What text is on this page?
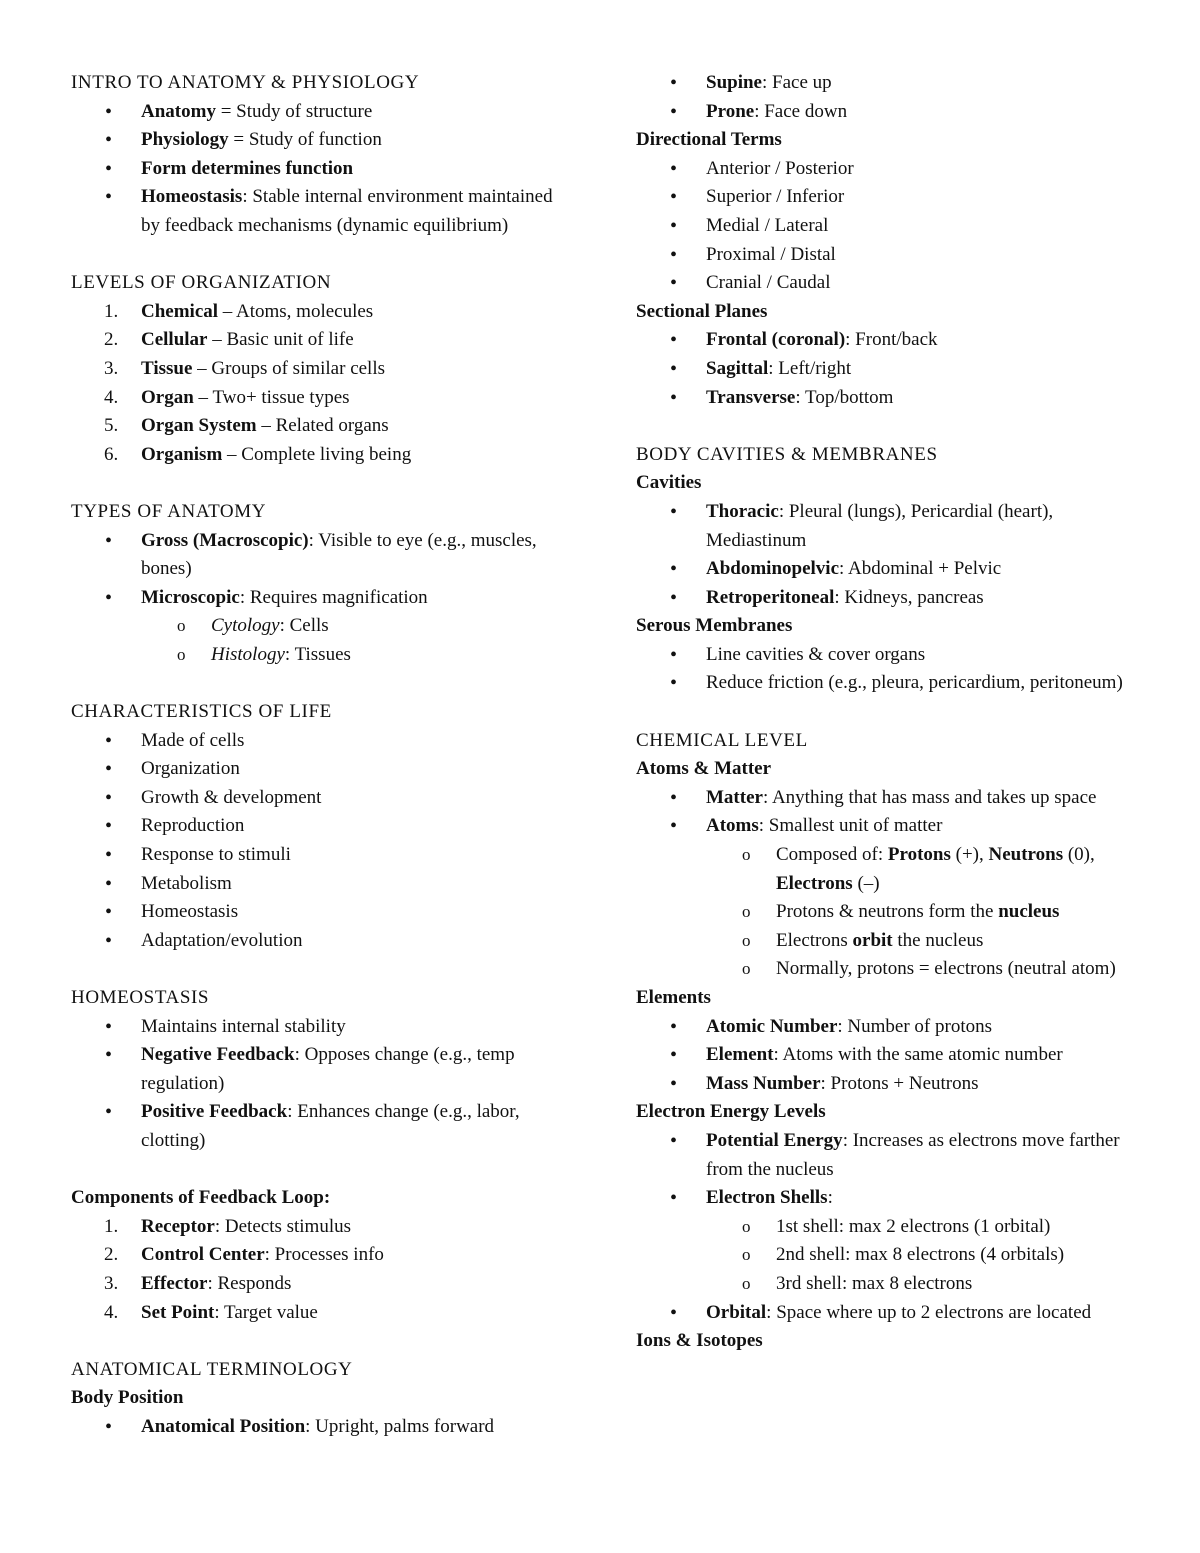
INTRO TO ANATOMY & PHYSIOLOGY
•	Anatomy = Study of structure
•	Physiology = Study of function
•	Form determines function
•	Homeostasis: Stable internal environment maintained by feedback mechanisms (dynamic equilibrium)
LEVELS OF ORGANIZATION
1.	Chemical – Atoms, molecules
2.	Cellular – Basic unit of life
3.	Tissue – Groups of similar cells
4.	Organ – Two+ tissue types
5.	Organ System – Related organs
6.	Organism – Complete living being
TYPES OF ANATOMY
•	Gross (Macroscopic): Visible to eye (e.g., muscles, bones)
•	Microscopic: Requires magnification
o	Cytology: Cells
o	Histology: Tissues
CHARACTERISTICS OF LIFE
•	Made of cells
•	Organization
•	Growth & development
•	Reproduction
•	Response to stimuli
•	Metabolism
•	Homeostasis
•	Adaptation/evolution
HOMEOSTASIS
•	Maintains internal stability
•	Negative Feedback: Opposes change (e.g., temp regulation)
•	Positive Feedback: Enhances change (e.g., labor, clotting)
Components of Feedback Loop:
1.	Receptor: Detects stimulus
2.	Control Center: Processes info
3.	Effector: Responds
4.	Set Point: Target value
ANATOMICAL TERMINOLOGY
Body Position
•	Anatomical Position: Upright, palms forward
•	Supine: Face up
•	Prone: Face down
Directional Terms
•	Anterior / Posterior
•	Superior / Inferior
•	Medial / Lateral
•	Proximal / Distal
•	Cranial / Caudal
Sectional Planes
•	Frontal (coronal): Front/back
•	Sagittal: Left/right
•	Transverse: Top/bottom
BODY CAVITIES & MEMBRANES
Cavities
•	Thoracic: Pleural (lungs), Pericardial (heart), Mediastinum
•	Abdominopelvic: Abdominal + Pelvic
•	Retroperitoneal: Kidneys, pancreas
Serous Membranes
•	Line cavities & cover organs
•	Reduce friction (e.g., pleura, pericardium, peritoneum)
CHEMICAL LEVEL
Atoms & Matter
•	Matter: Anything that has mass and takes up space
•	Atoms: Smallest unit of matter
o	Composed of: Protons (+), Neutrons (0), Electrons (–)
o	Protons & neutrons form the nucleus
o	Electrons orbit the nucleus
o	Normally, protons = electrons (neutral atom)
Elements
•	Atomic Number: Number of protons
•	Element: Atoms with the same atomic number
•	Mass Number: Protons + Neutrons
Electron Energy Levels
•	Potential Energy: Increases as electrons move farther from the nucleus
•	Electron Shells:
o	1st shell: max 2 electrons (1 orbital)
o	2nd shell: max 8 electrons (4 orbitals)
o	3rd shell: max 8 electrons
•	Orbital: Space where up to 2 electrons are located
Ions & Isotopes
